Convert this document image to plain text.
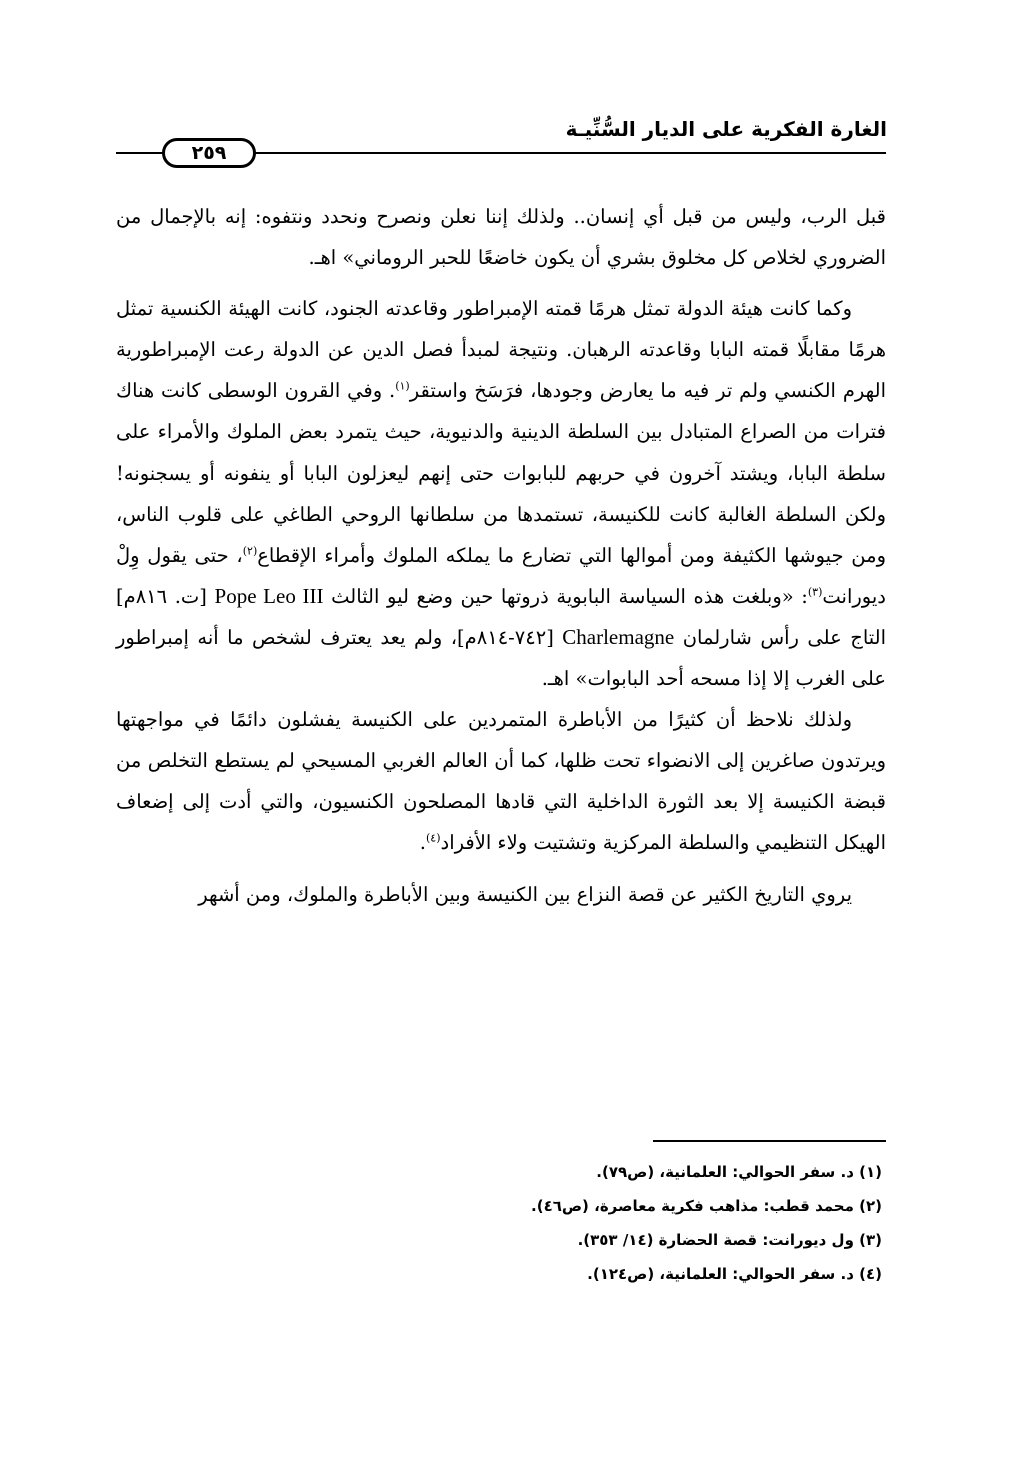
الغارة الفكرية على الديار السُّنِّيـة
٢٥٩

قبل الرب، وليس من قبل أي إنسان.. ولذلك إننا نعلن ونصرح ونحدد ونتفوه: إنه بالإجمال من الضروري لخلاص كل مخلوق بشري أن يكون خاضعًا للحبر الروماني» اهـ.

وكما كانت هيئة الدولة تمثل هرمًا قمته الإمبراطور وقاعدته الجنود، كانت الهيئة الكنسية تمثل هرمًا مقابلًا قمته البابا وقاعدته الرهبان. ونتيجة لمبدأ فصل الدين عن الدولة رعت الإمبراطورية الهرم الكنسي ولم تر فيه ما يعارض وجودها، فرَسَخ واستقر$^{(١)}$. وفي القرون الوسطى كانت هناك فترات من الصراع المتبادل بين السلطة الدينية والدنيوية، حيث يتمرد بعض الملوك والأمراء على سلطة البابا، ويشتد آخرون في حربهم للبابوات حتى إنهم ليعزلون البابا أو ينفونه أو يسجنونه! ولكن السلطة الغالبة كانت للكنيسة، تستمدها من سلطانها الروحي الطاغي على قلوب الناس، ومن جيوشها الكثيفة ومن أموالها التي تضارع ما يملكه الملوك وأمراء الإقطاع$^{(٢)}$، حتى يقول وِلْ ديورانت$^{(٣)}$: «وبلغت هذه السياسة البابوية ذروتها حين وضع ليو الثالث Pope Leo III [ت. ٨١٦م] التاج على رأس شارلمان Charlemagne [٧٤٢-٨١٤م]، ولم يعد يعترف لشخص ما أنه إمبراطور على الغرب إلا إذا مسحه أحد البابوات» اهـ.

ولذلك نلاحظ أن كثيرًا من الأباطرة المتمردين على الكنيسة يفشلون دائمًا في مواجهتها ويرتدون صاغرين إلى الانضواء تحت ظلها، كما أن العالم الغربي المسيحي لم يستطع التخلص من قبضة الكنيسة إلا بعد الثورة الداخلية التي قادها المصلحون الكنسيون، والتي أدت إلى إضعاف الهيكل التنظيمي والسلطة المركزية وتشتيت ولاء الأفراد$^{(٤)}$.

يروي التاريخ الكثير عن قصة النزاع بين الكنيسة وبين الأباطرة والملوك، ومن أشهر

(١) د. سفر الحوالي: العلمانية، (ص٧٩).

(٢) محمد قطب: مذاهب فكرية معاصرة، (ص٤٦).

(٣) ول ديورانت: قصة الحضارة (١٤/ ٣٥٣).

(٤) د. سفر الحوالي: العلمانية، (ص١٢٤).
